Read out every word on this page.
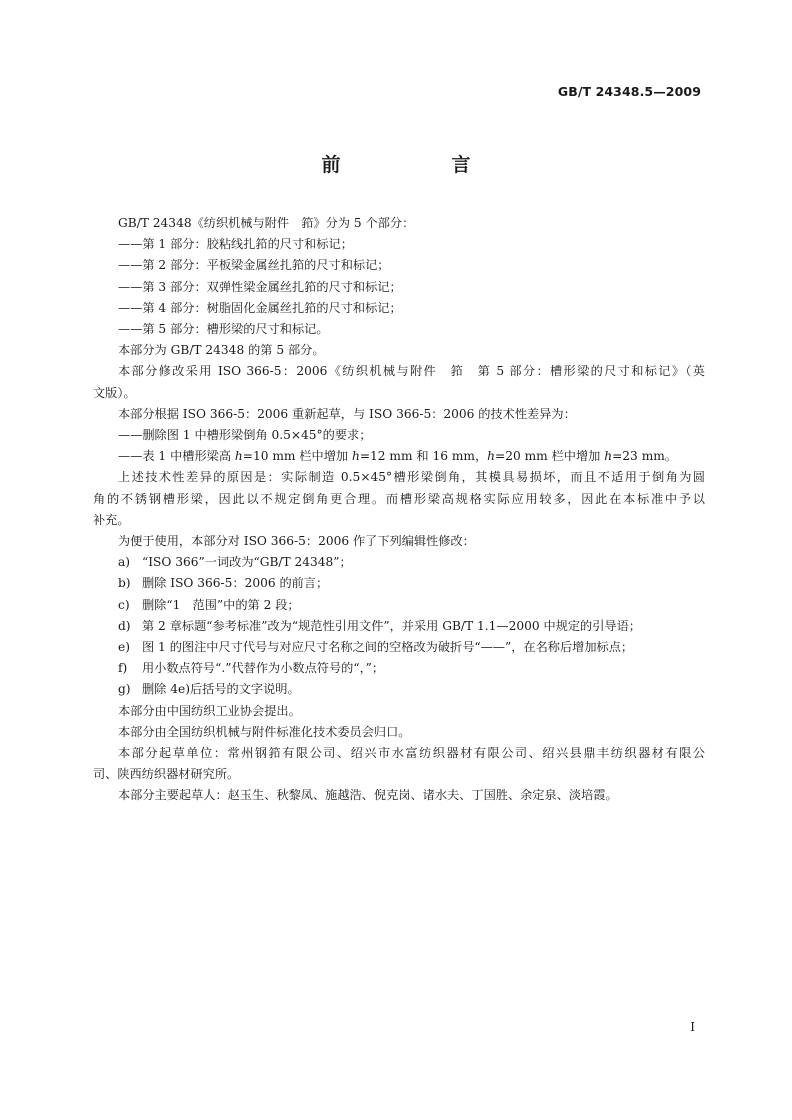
GB/T 24348.5—2009
前　言
GB/T 24348《纺织机械与附件　筘》分为 5 个部分：
——第 1 部分：胶粘线扎筘的尺寸和标记；
——第 2 部分：平板梁金属丝扎筘的尺寸和标记；
——第 3 部分：双弹性梁金属丝扎筘的尺寸和标记；
——第 4 部分：树脂固化金属丝扎筘的尺寸和标记；
——第 5 部分：槽形梁的尺寸和标记。
本部分为 GB/T 24348 的第 5 部分。
本部分修改采用 ISO 366-5：2006《纺织机械与附件　筘　第 5 部分：槽形梁的尺寸和标记》（英
文版）。
本部分根据 ISO 366-5：2006 重新起草，与 ISO 366-5：2006 的技术性差异为：
——删除图 1 中槽形梁倒角 0.5×45°的要求；
——表 1 中槽形梁高 h=10 mm 栏中增加 h=12 mm 和 16 mm，h=20 mm 栏中增加 h=23 mm。
上述技术性差异的原因是：实际制造 0.5×45°槽形梁倒角，其模具易损坏，而且不适用于倒角为圆
角的不锈钢槽形梁，因此以不规定倒角更合理。而槽形梁高规格实际应用较多，因此在本标准中予以
补充。
为便于使用，本部分对 ISO 366-5：2006 作了下列编辑性修改：
a) “ISO 366”一词改为“GB/T 24348”；
b) 删除 ISO 366-5：2006 的前言；
c) 删除“1　范围”中的第 2 段；
d) 第 2 章标题“参考标准”改为“规范性引用文件”，并采用 GB/T 1.1—2000 中规定的引导语；
e) 图 1 的图注中尺寸代号与对应尺寸名称之间的空格改为破折号“——”，在名称后增加标点；
f) 用小数点符号“.”代替作为小数点符号的“，”；
g) 删除 4e)后括号的文字说明。
本部分由中国纺织工业协会提出。
本部分由全国纺织机械与附件标准化技术委员会归口。
本部分起草单位：常州钢筘有限公司、绍兴市水富纺织器材有限公司、绍兴县鼎丰纺织器材有限公
司、陕西纺织器材研究所。
本部分主要起草人：赵玉生、秋黎凤、施越浩、倪克岗、诸水夫、丁国胜、余定泉、淡培霞。
I
